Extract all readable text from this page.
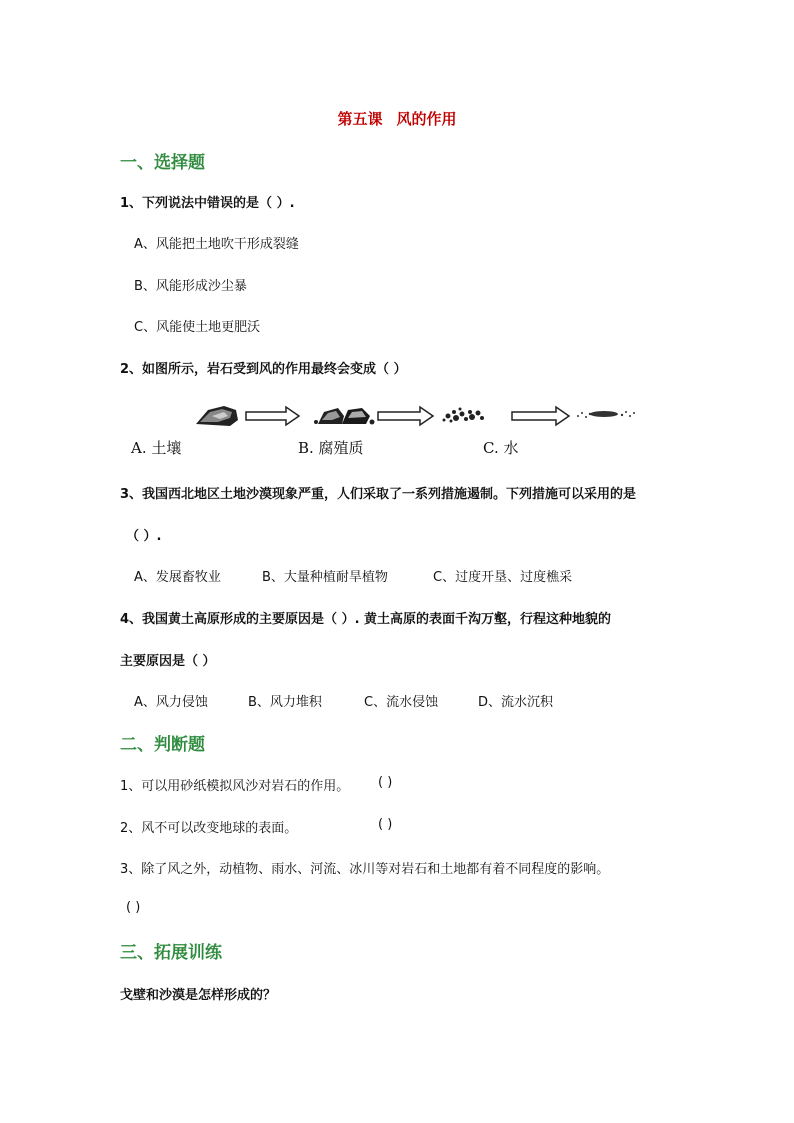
第五课 风的作用
一、选择题
1、下列说法中错误的是（ ）.
A、风能把土地吹干形成裂缝
B、风能形成沙尘暴
C、风能使土地更肥沃
2、如图所示，岩石受到风的作用最终会变成（ ）
A. 土壤	B. 腐殖质	C. 水
3、我国西北地区土地沙漠现象严重，人们采取了一系列措施遏制。下列措施可以采用的是
（ ）.
A、发展畜牧业	B、大量种植耐旱植物	C、过度开垦、过度樵采
4、我国黄土高原形成的主要原因是（ ）. 黄土高原的表面千沟万壑，行程这种地貌的
主要原因是（ ）
A、风力侵蚀	B、风力堆积	C、流水侵蚀	D、流水沉积
二、判断题
1、可以用砂纸模拟风沙对岩石的作用。 ( )
2、风不可以改变地球的表面。	( )
3、除了风之外，动植物、雨水、河流、冰川等对岩石和土地都有着不同程度的影响。
( )
三、拓展训练
戈壁和沙漠是怎样形成的？
